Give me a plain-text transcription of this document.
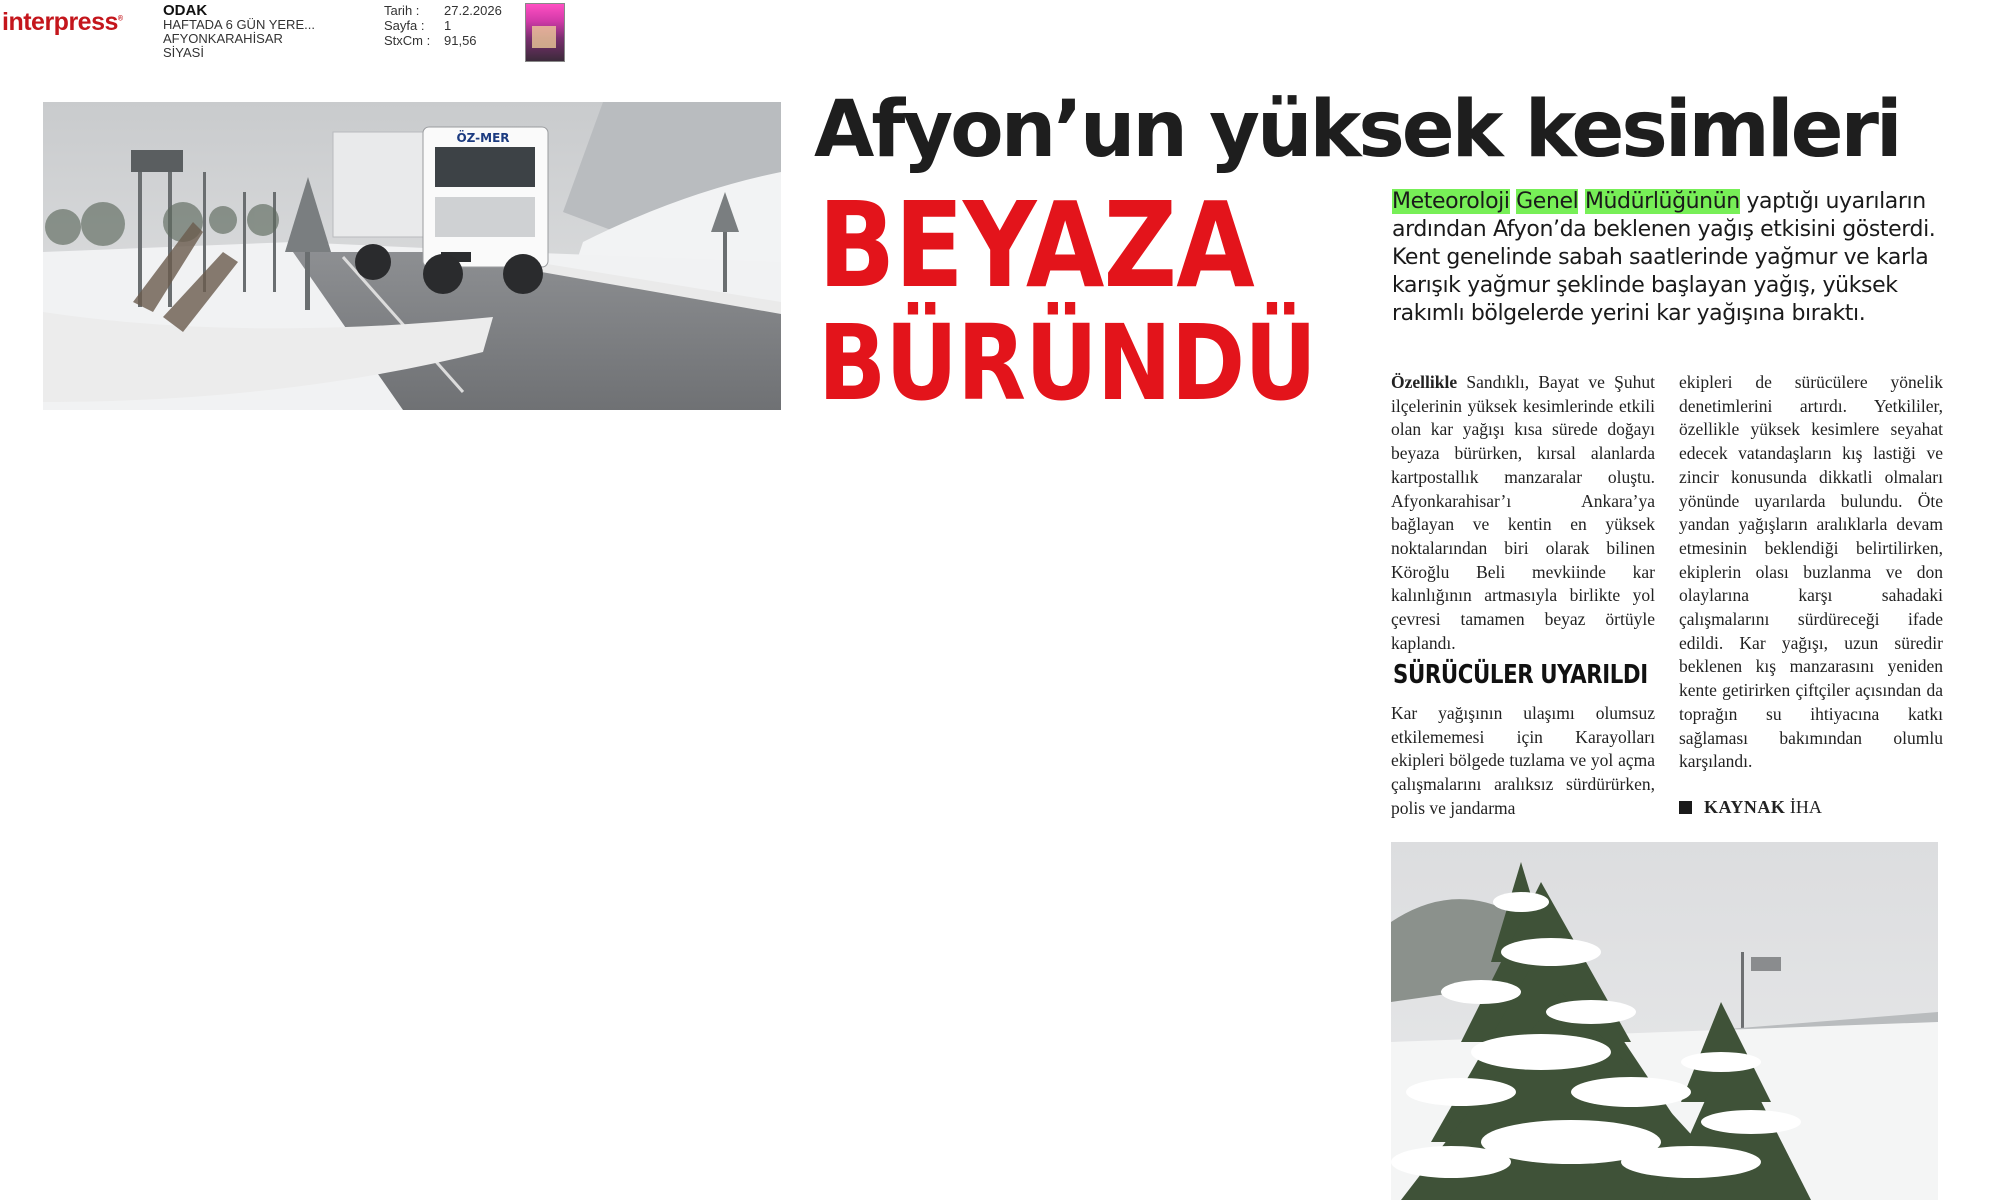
interpress®
ODAK
HAFTADA 6 GÜN YERE...
AFYONKARAHİSAR
SİYASİ
Tarih :	27.2.2026
Sayfa :	1
StxCm :	91,56
ÖZ-MER	Afyon’un yüksek kesimleri
BEYAZA
BÜRÜNDÜ
Meteoroloji Genel Müdürlüğünün yaptığı uyarıların ardından Afyon’da beklenen yağış etkisini gösterdi. Kent genelinde sabah saatlerinde yağmur ve karla karışık yağmur şeklinde başlayan yağış, yüksek rakımlı bölgelerde yerini kar yağışına bıraktı.
Özellikle Sandıklı, Bayat ve Şuhut ilçelerinin yüksek kesimlerinde etkili olan kar yağışı kısa sürede doğayı beyaza bürürken, kırsal alanlarda kartpostallık manzaralar oluştu. Afyonkarahisar’ı Ankara’ya bağlayan ve kentin en yüksek noktalarından biri olarak bilinen Köroğlu Beli mevkiinde kar kalınlığının artmasıyla birlikte yol çevresi tamamen beyaz örtüyle kaplandı.
SÜRÜCÜLER UYARILDI
Kar yağışının ulaşımı olumsuz etkilememesi için Karayolları ekipleri bölgede tuzlama ve yol açma çalışmalarını aralıksız sürdürürken, polis ve jandarma
ekipleri de sürücülere yönelik denetimlerini artırdı. Yetkililer, özellikle yüksek kesimlere seyahat edecek vatandaşların kış lastiği ve zincir konusunda dikkatli olmaları yönünde uyarılarda bulundu. Öte yandan yağışların aralıklarla devam etmesinin beklendiği belirtilirken, ekiplerin olası buzlanma ve don olaylarına karşı sahadaki çalışmalarını sürdüreceği ifade edildi. Kar yağışı, uzun süredir beklenen kış manzarasını yeniden kente getirirken çiftçiler açısından da toprağın su ihtiyacına katkı sağlaması bakımından olumlu karşılandı.
KAYNAK İHA
